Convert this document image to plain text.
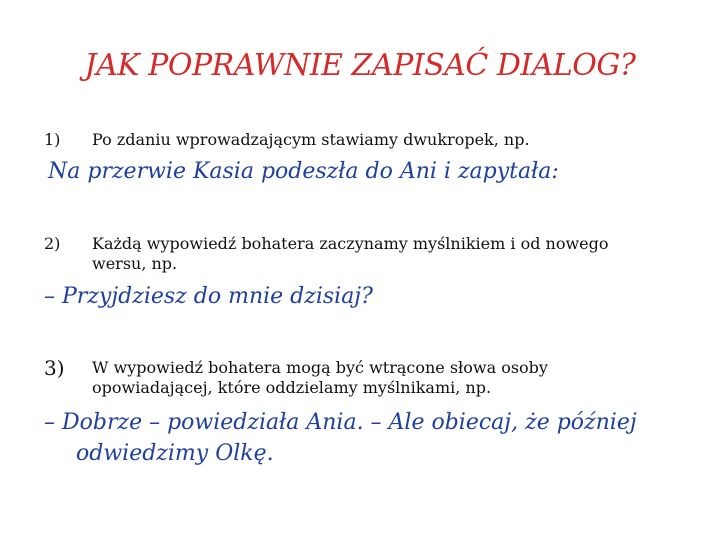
JAK POPRAWNIE ZAPISAĆ DIALOG?
1)	Po zdaniu wprowadzającym stawiamy dwukropek, np.
Na przerwie Kasia podeszła do Ani i zapytała:
2)	Każdą wypowiedź bohatera zaczynamy myślnikiem i od nowego wersu, np.
– Przyjdziesz do mnie dzisiaj?
3)	W wypowiedź bohatera mogą być wtrącone słowa osoby opowiadającej, które oddzielamy myślnikami, np.
– Dobrze – powiedziała Ania. – Ale obiecaj, że później odwiedzimy Olkę.
